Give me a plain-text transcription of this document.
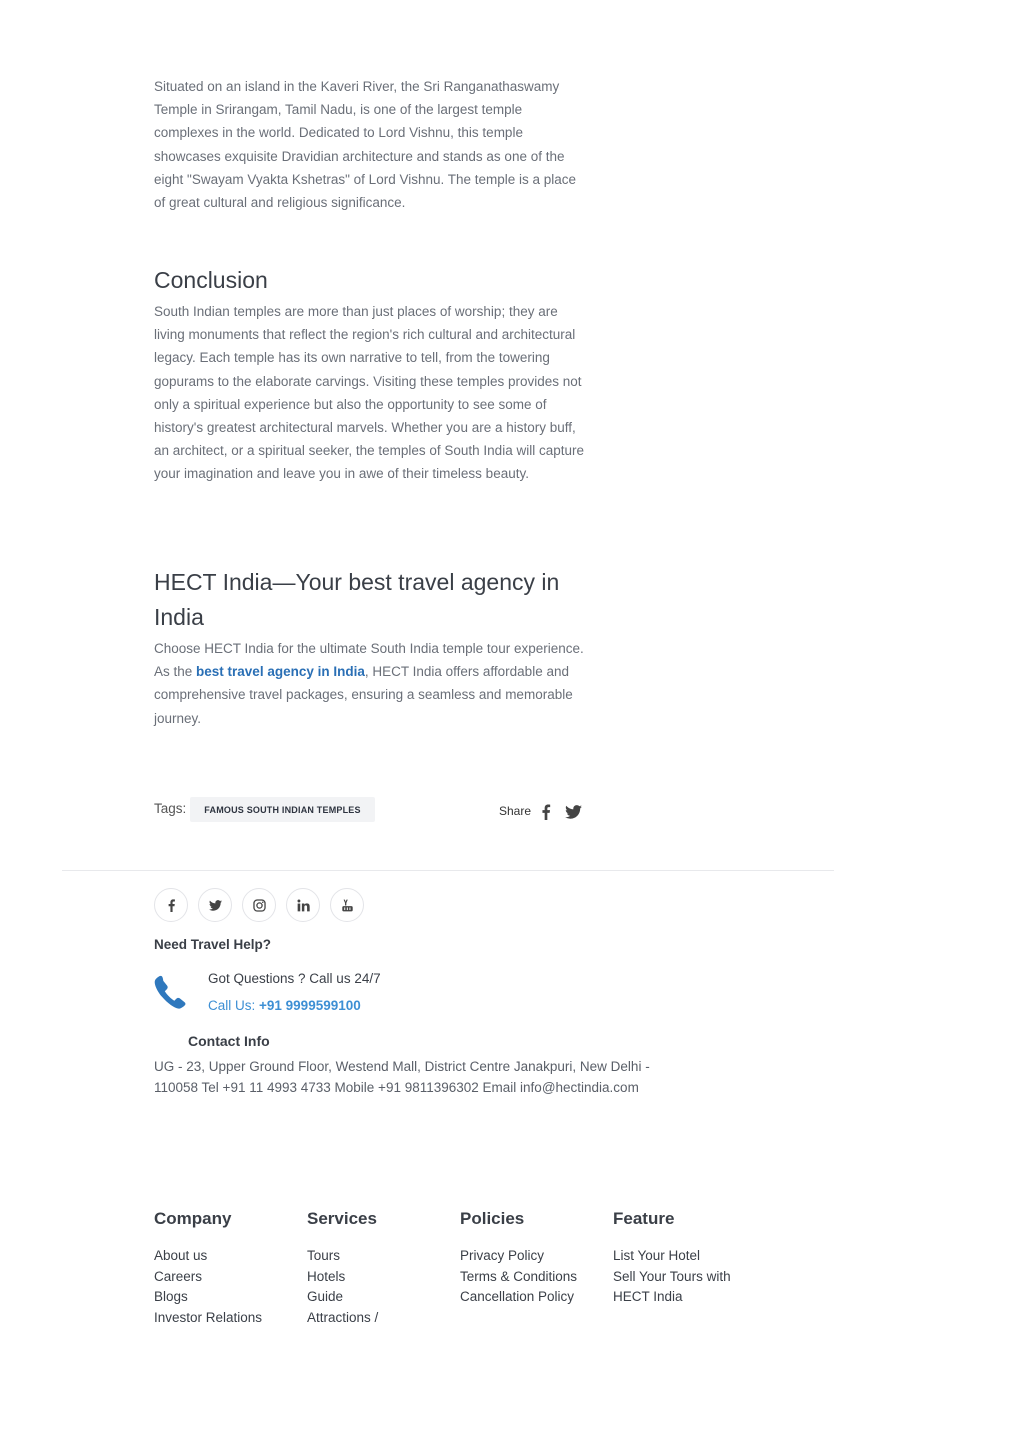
Situated on an island in the Kaveri River, the Sri Ranganathaswamy Temple in Srirangam, Tamil Nadu, is one of the largest temple complexes in the world. Dedicated to Lord Vishnu, this temple showcases exquisite Dravidian architecture and stands as one of the eight "Swayam Vyakta Kshetras" of Lord Vishnu. The temple is a place of great cultural and religious significance.

Conclusion

South Indian temples are more than just places of worship; they are living monuments that reflect the region's rich cultural and architectural legacy. Each temple has its own narrative to tell, from the towering gopurams to the elaborate carvings. Visiting these temples provides not only a spiritual experience but also the opportunity to see some of history's greatest architectural marvels. Whether you are a history buff, an architect, or a spiritual seeker, the temples of South India will capture your imagination and leave you in awe of their timeless beauty.

HECT India—Your best travel agency in India

Choose HECT India for the ultimate South India temple tour experience. As the best travel agency in India, HECT India offers affordable and comprehensive travel packages, ensuring a seamless and memorable journey.

Tags:	FAMOUS SOUTH INDIAN TEMPLES	Share
Need Travel Help?
Got Questions ? Call us 24/7
Call Us: +91 9999599100
Contact Info
UG - 23, Upper Ground Floor, Westend Mall, District Centre Janakpuri, New Delhi - 110058 Tel +91 11 4993 4733 Mobile +91 9811396302 Email info@hectindia.com
Company
About us
Careers
Blogs
Investor Relations
Services
Tours
Hotels
Guide
Attractions /
Policies
Privacy Policy
Terms & Conditions
Cancellation Policy
Feature
List Your Hotel
Sell Your Tours with HECT India
